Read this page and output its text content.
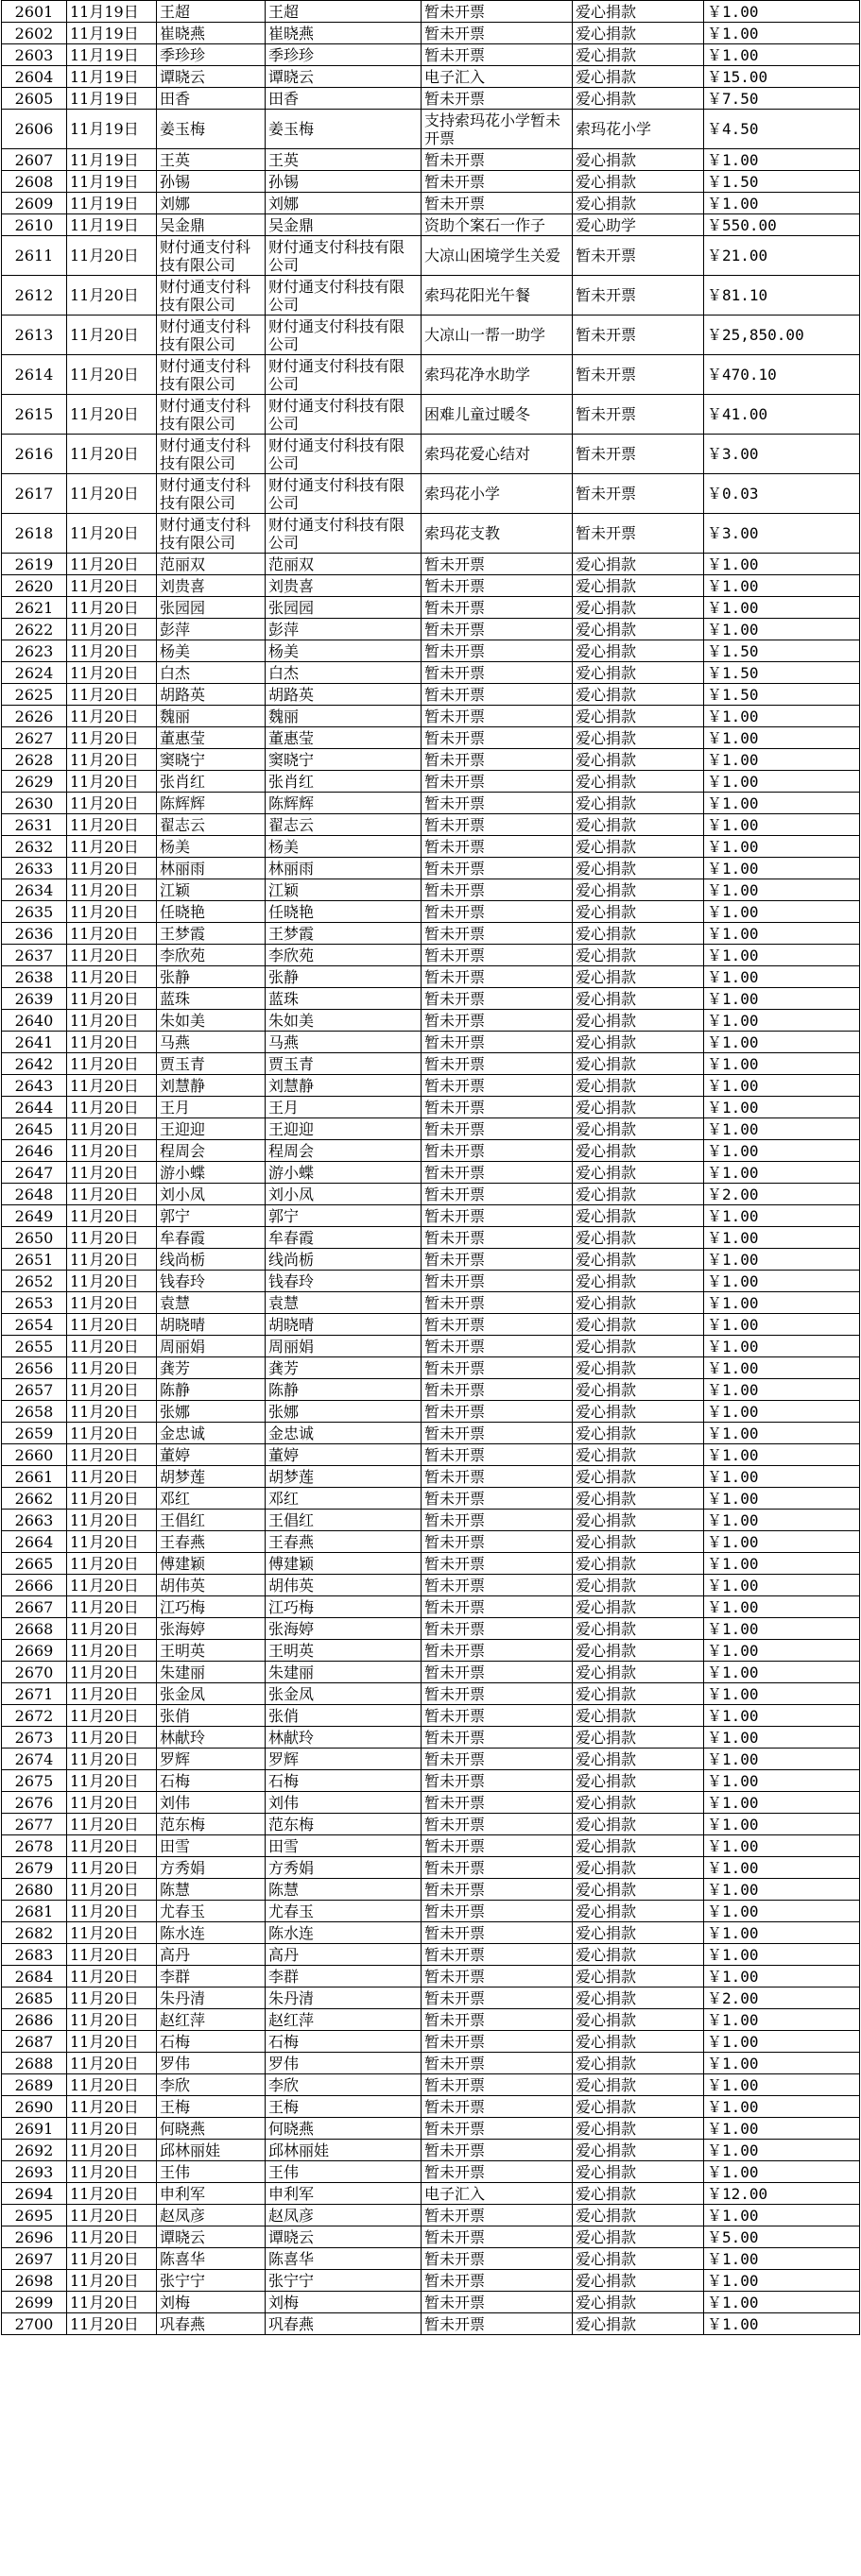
2601	11月19日	王超	王超	暂未开票	爱心捐款	￥1.00
2602	11月19日	崔晓燕	崔晓燕	暂未开票	爱心捐款	￥1.00
2603	11月19日	季珍珍	季珍珍	暂未开票	爱心捐款	￥1.00
2604	11月19日	谭晓云	谭晓云	电子汇入	爱心捐款	￥15.00
2605	11月19日	田香	田香	暂未开票	爱心捐款	￥7.50
2606	11月19日	姜玉梅	姜玉梅	支持索玛花小学暂未开票	索玛花小学	￥4.50
2607	11月19日	王英	王英	暂未开票	爱心捐款	￥1.00
2608	11月19日	孙锡	孙锡	暂未开票	爱心捐款	￥1.50
2609	11月19日	刘娜	刘娜	暂未开票	爱心捐款	￥1.00
2610	11月19日	吴金鼎	吴金鼎	资助个案石一作子	爱心助学	￥550.00
2611	11月20日	财付通支付科技有限公司	财付通支付科技有限公司	大凉山困境学生关爱	暂未开票	￥21.00
2612	11月20日	财付通支付科技有限公司	财付通支付科技有限公司	索玛花阳光午餐	暂未开票	￥81.10
2613	11月20日	财付通支付科技有限公司	财付通支付科技有限公司	大凉山一帮一助学	暂未开票	￥25,850.00
2614	11月20日	财付通支付科技有限公司	财付通支付科技有限公司	索玛花净水助学	暂未开票	￥470.10
2615	11月20日	财付通支付科技有限公司	财付通支付科技有限公司	困难儿童过暖冬	暂未开票	￥41.00
2616	11月20日	财付通支付科技有限公司	财付通支付科技有限公司	索玛花爱心结对	暂未开票	￥3.00
2617	11月20日	财付通支付科技有限公司	财付通支付科技有限公司	索玛花小学	暂未开票	￥0.03
2618	11月20日	财付通支付科技有限公司	财付通支付科技有限公司	索玛花支教	暂未开票	￥3.00
2619	11月20日	范丽双	范丽双	暂未开票	爱心捐款	￥1.00
2620	11月20日	刘贵喜	刘贵喜	暂未开票	爱心捐款	￥1.00
2621	11月20日	张园园	张园园	暂未开票	爱心捐款	￥1.00
2622	11月20日	彭萍	彭萍	暂未开票	爱心捐款	￥1.00
2623	11月20日	杨美	杨美	暂未开票	爱心捐款	￥1.50
2624	11月20日	白杰	白杰	暂未开票	爱心捐款	￥1.50
2625	11月20日	胡路英	胡路英	暂未开票	爱心捐款	￥1.50
2626	11月20日	魏丽	魏丽	暂未开票	爱心捐款	￥1.00
2627	11月20日	董惠莹	董惠莹	暂未开票	爱心捐款	￥1.00
2628	11月20日	窦晓宁	窦晓宁	暂未开票	爱心捐款	￥1.00
2629	11月20日	张肖红	张肖红	暂未开票	爱心捐款	￥1.00
2630	11月20日	陈辉辉	陈辉辉	暂未开票	爱心捐款	￥1.00
2631	11月20日	翟志云	翟志云	暂未开票	爱心捐款	￥1.00
2632	11月20日	杨美	杨美	暂未开票	爱心捐款	￥1.00
2633	11月20日	林丽雨	林丽雨	暂未开票	爱心捐款	￥1.00
2634	11月20日	江颖	江颖	暂未开票	爱心捐款	￥1.00
2635	11月20日	任晓艳	任晓艳	暂未开票	爱心捐款	￥1.00
2636	11月20日	王梦霞	王梦霞	暂未开票	爱心捐款	￥1.00
2637	11月20日	李欣苑	李欣苑	暂未开票	爱心捐款	￥1.00
2638	11月20日	张静	张静	暂未开票	爱心捐款	￥1.00
2639	11月20日	蓝珠	蓝珠	暂未开票	爱心捐款	￥1.00
2640	11月20日	朱如美	朱如美	暂未开票	爱心捐款	￥1.00
2641	11月20日	马燕	马燕	暂未开票	爱心捐款	￥1.00
2642	11月20日	贾玉青	贾玉青	暂未开票	爱心捐款	￥1.00
2643	11月20日	刘慧静	刘慧静	暂未开票	爱心捐款	￥1.00
2644	11月20日	王月	王月	暂未开票	爱心捐款	￥1.00
2645	11月20日	王迎迎	王迎迎	暂未开票	爱心捐款	￥1.00
2646	11月20日	程周会	程周会	暂未开票	爱心捐款	￥1.00
2647	11月20日	游小蝶	游小蝶	暂未开票	爱心捐款	￥1.00
2648	11月20日	刘小凤	刘小凤	暂未开票	爱心捐款	￥2.00
2649	11月20日	郭宁	郭宁	暂未开票	爱心捐款	￥1.00
2650	11月20日	牟春霞	牟春霞	暂未开票	爱心捐款	￥1.00
2651	11月20日	线尚栃	线尚栃	暂未开票	爱心捐款	￥1.00
2652	11月20日	钱春玲	钱春玲	暂未开票	爱心捐款	￥1.00
2653	11月20日	袁慧	袁慧	暂未开票	爱心捐款	￥1.00
2654	11月20日	胡晓晴	胡晓晴	暂未开票	爱心捐款	￥1.00
2655	11月20日	周丽娟	周丽娟	暂未开票	爱心捐款	￥1.00
2656	11月20日	龚芳	龚芳	暂未开票	爱心捐款	￥1.00
2657	11月20日	陈静	陈静	暂未开票	爱心捐款	￥1.00
2658	11月20日	张娜	张娜	暂未开票	爱心捐款	￥1.00
2659	11月20日	金忠诚	金忠诚	暂未开票	爱心捐款	￥1.00
2660	11月20日	董婷	董婷	暂未开票	爱心捐款	￥1.00
2661	11月20日	胡梦莲	胡梦莲	暂未开票	爱心捐款	￥1.00
2662	11月20日	邓红	邓红	暂未开票	爱心捐款	￥1.00
2663	11月20日	王倡红	王倡红	暂未开票	爱心捐款	￥1.00
2664	11月20日	王春燕	王春燕	暂未开票	爱心捐款	￥1.00
2665	11月20日	傅建颖	傅建颖	暂未开票	爱心捐款	￥1.00
2666	11月20日	胡伟英	胡伟英	暂未开票	爱心捐款	￥1.00
2667	11月20日	江巧梅	江巧梅	暂未开票	爱心捐款	￥1.00
2668	11月20日	张海婷	张海婷	暂未开票	爱心捐款	￥1.00
2669	11月20日	王明英	王明英	暂未开票	爱心捐款	￥1.00
2670	11月20日	朱建丽	朱建丽	暂未开票	爱心捐款	￥1.00
2671	11月20日	张金凤	张金凤	暂未开票	爱心捐款	￥1.00
2672	11月20日	张俏	张俏	暂未开票	爱心捐款	￥1.00
2673	11月20日	林献玲	林献玲	暂未开票	爱心捐款	￥1.00
2674	11月20日	罗辉	罗辉	暂未开票	爱心捐款	￥1.00
2675	11月20日	石梅	石梅	暂未开票	爱心捐款	￥1.00
2676	11月20日	刘伟	刘伟	暂未开票	爱心捐款	￥1.00
2677	11月20日	范东梅	范东梅	暂未开票	爱心捐款	￥1.00
2678	11月20日	田雪	田雪	暂未开票	爱心捐款	￥1.00
2679	11月20日	方秀娟	方秀娟	暂未开票	爱心捐款	￥1.00
2680	11月20日	陈慧	陈慧	暂未开票	爱心捐款	￥1.00
2681	11月20日	尤春玉	尤春玉	暂未开票	爱心捐款	￥1.00
2682	11月20日	陈水连	陈水连	暂未开票	爱心捐款	￥1.00
2683	11月20日	高丹	高丹	暂未开票	爱心捐款	￥1.00
2684	11月20日	李群	李群	暂未开票	爱心捐款	￥1.00
2685	11月20日	朱丹清	朱丹清	暂未开票	爱心捐款	￥2.00
2686	11月20日	赵红萍	赵红萍	暂未开票	爱心捐款	￥1.00
2687	11月20日	石梅	石梅	暂未开票	爱心捐款	￥1.00
2688	11月20日	罗伟	罗伟	暂未开票	爱心捐款	￥1.00
2689	11月20日	李欣	李欣	暂未开票	爱心捐款	￥1.00
2690	11月20日	王梅	王梅	暂未开票	爱心捐款	￥1.00
2691	11月20日	何晓燕	何晓燕	暂未开票	爱心捐款	￥1.00
2692	11月20日	邱林丽娃	邱林丽娃	暂未开票	爱心捐款	￥1.00
2693	11月20日	王伟	王伟	暂未开票	爱心捐款	￥1.00
2694	11月20日	申利军	申利军	电子汇入	爱心捐款	￥12.00
2695	11月20日	赵凤彦	赵凤彦	暂未开票	爱心捐款	￥1.00
2696	11月20日	谭晓云	谭晓云	暂未开票	爱心捐款	￥5.00
2697	11月20日	陈喜华	陈喜华	暂未开票	爱心捐款	￥1.00
2698	11月20日	张宁宁	张宁宁	暂未开票	爱心捐款	￥1.00
2699	11月20日	刘梅	刘梅	暂未开票	爱心捐款	￥1.00
2700	11月20日	巩春燕	巩春燕	暂未开票	爱心捐款	￥1.00
